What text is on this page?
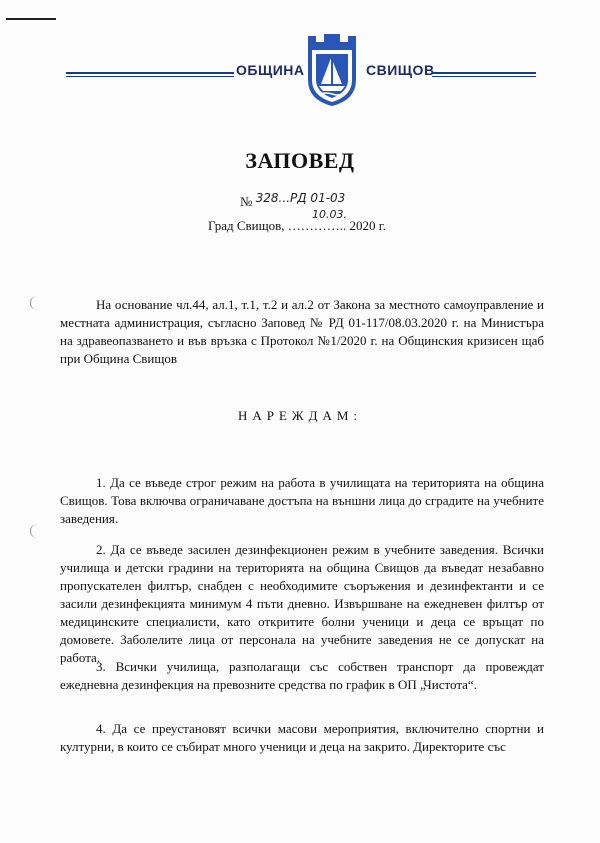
ОБЩИНА	СВИЩОВ
ЗАПОВЕД
№ 328...РД 01-03
Град Свищов, ………….. 2020 г.
10.03.
На основание чл.44, ал.1, т.1, т.2 и ал.2 от Закона за местното самоуправление и местната администрация, съгласно Заповед № РД 01-117/08.03.2020 г. на Министъра на здравеопазването и във връзка с Протокол №1/2020 г. на Общинския кризисен щаб при Община Свищов
НАРЕЖДАМ:
1. Да се въведе строг режим на работа в училищата на територията на община Свищов. Това включва ограничаване достъпа на външни лица до сградите на учебните заведения.
2. Да се въведе засилен дезинфекционен режим в учебните заведения. Всички училища и детски градини на територията на община Свищов да въведат незабавно пропускателен филтър, снабден с необходимите съоръжения и дезинфектанти и се засили дезинфекцията минимум 4 пъти дневно. Извършване на ежедневен филтър от медицинските специалисти, като откритите болни ученици и деца се връщат по домовете. Заболелите лица от персонала на учебните заведения не се допускат на работа.
3. Всички училища, разполагащи със собствен транспорт да провеждат ежедневна дезинфекция на превозните средства по график в ОП „Чистота“.
4. Да се преустановят всички масови мероприятия, включително спортни и културни, в които се събират много ученици и деца на закрито. Директорите със
